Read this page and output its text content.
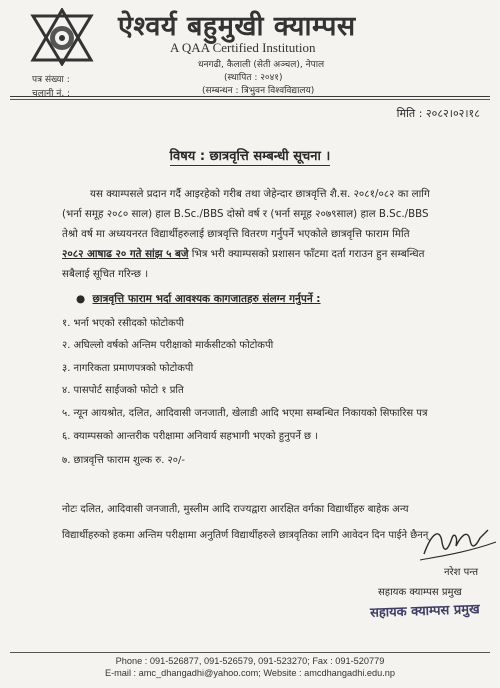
ऐश्वर्य बहुमुखी क्याम्पस
A QAA Certified Institution
धनगढी, कैलाली (सेती अञ्चल), नेपाल
(स्थापित : २०४१)
(सम्बन्धन : त्रिभुवन विश्वविद्यालय)
पत्र संख्या :
चलानी नं. :
मिति : २०८२।०२।१८
विषय : छात्रवृत्ति सम्बन्धी सूचना ।
यस क्याम्पसले प्रदान गर्दै आइरहेको गरीब तथा जेहेन्दार छात्रवृत्ति शै.स. २०८१/०८२ का लागि
(भर्ना समूह २०८० साल) हाल B.Sc./BBS दोस्रो वर्ष र (भर्ना समूह २०७९साल) हाल B.Sc./BBS
तेश्रो वर्ष मा अध्ययनरत विद्यार्थीहरुलाई छात्रवृत्ति वितरण गर्नुपर्ने भएकोले छात्रवृत्ति फाराम मिति
२०८२ आषाढ २० गते सांझ ५ बजे भित्र भरी क्याम्पसको प्रशासन फाँटमा दर्ता गराउन हुन सम्बन्धित
सबैलाई सूचित गरिन्छ ।
● छात्रवृत्ति फाराम भर्दा आवश्यक कागजातहरु संलग्न गर्नुपर्ने :
१. भर्ना भएको रसीदको फोटोकपी
२. अघिल्लो वर्षको अन्तिम परीक्षाको मार्कसीटको फोटोकपी
३. नागरिकता प्रमाणपत्रको फोटोकपी
४. पासपोर्ट साईजको फोटो १ प्रति
५. न्यून आयश्रोत, दलित, आदिवासी जनजाती, खेलाडी आदि भएमा सम्बन्धित निकायको सिफारिस पत्र
६. क्याम्पसको आन्तरीक परीक्षामा अनिवार्य सहभागी भएको हुनुपर्ने छ ।
७. छात्रवृत्ति फाराम शुल्क रु. २०/-
नोटः दलित, आदिवासी जनजाती, मुस्लीम आदि राज्यद्वारा आरक्षित वर्गका विद्यार्थीहरु बाहेक अन्य
विद्यार्थीहरुको हकमा अन्तिम परीक्षामा अनुतिर्ण विद्यार्थीहरुले छात्रवृतिका लागि आवेदन दिन पाईने छैनन्
नरेश पन्त
सहायक क्याम्पस प्रमुख
सहायक क्याम्पस प्रमुख
Phone : 091-526877, 091-526579, 091-523270; Fax : 091-520779
E-mail : amc_dhangadhi@yahoo.com; Website : amcdhangadhi.edu.np
